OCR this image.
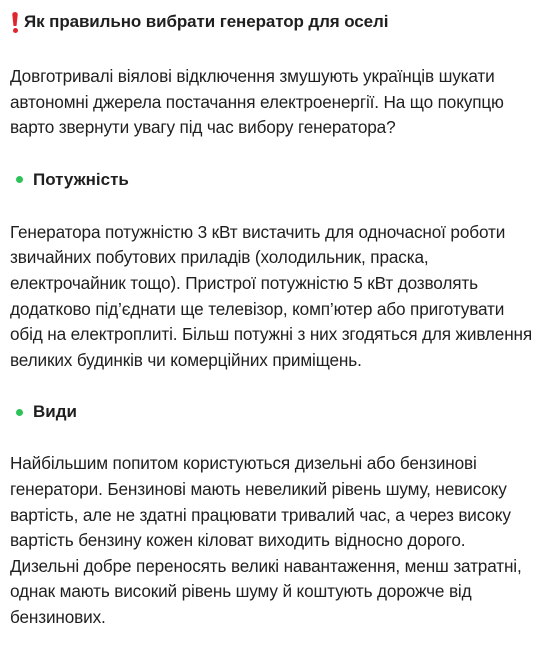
Як правильно вибрати генератор для оселі

Довготривалі віялові відключення змушують українців шукати автономні джерела постачання електроенергії. На що покупцю варто звернути увагу під час вибору генератора?

Потужність

Генератора потужністю 3 кВт вистачить для одночасної роботи звичайних побутових приладів (холодильник, праска, електрочайник тощо). Пристрої потужністю 5 кВт дозволять додатково під’єднати ще телевізор, комп’ютер або приготувати обід на електроплиті. Більш потужні з них згодяться для живлення великих будинків чи комерційних приміщень.

Види

Найбільшим попитом користуються дизельні або бензинові генератори. Бензинові мають невеликий рівень шуму, невисоку вартість, але не здатні працювати тривалий час, а через високу вартість бензину кожен кіловат виходить відносно дорого. Дизельні добре переносять великі навантаження, менш затратні, однак мають високий рівень шуму й коштують дорожче від бензинових.
